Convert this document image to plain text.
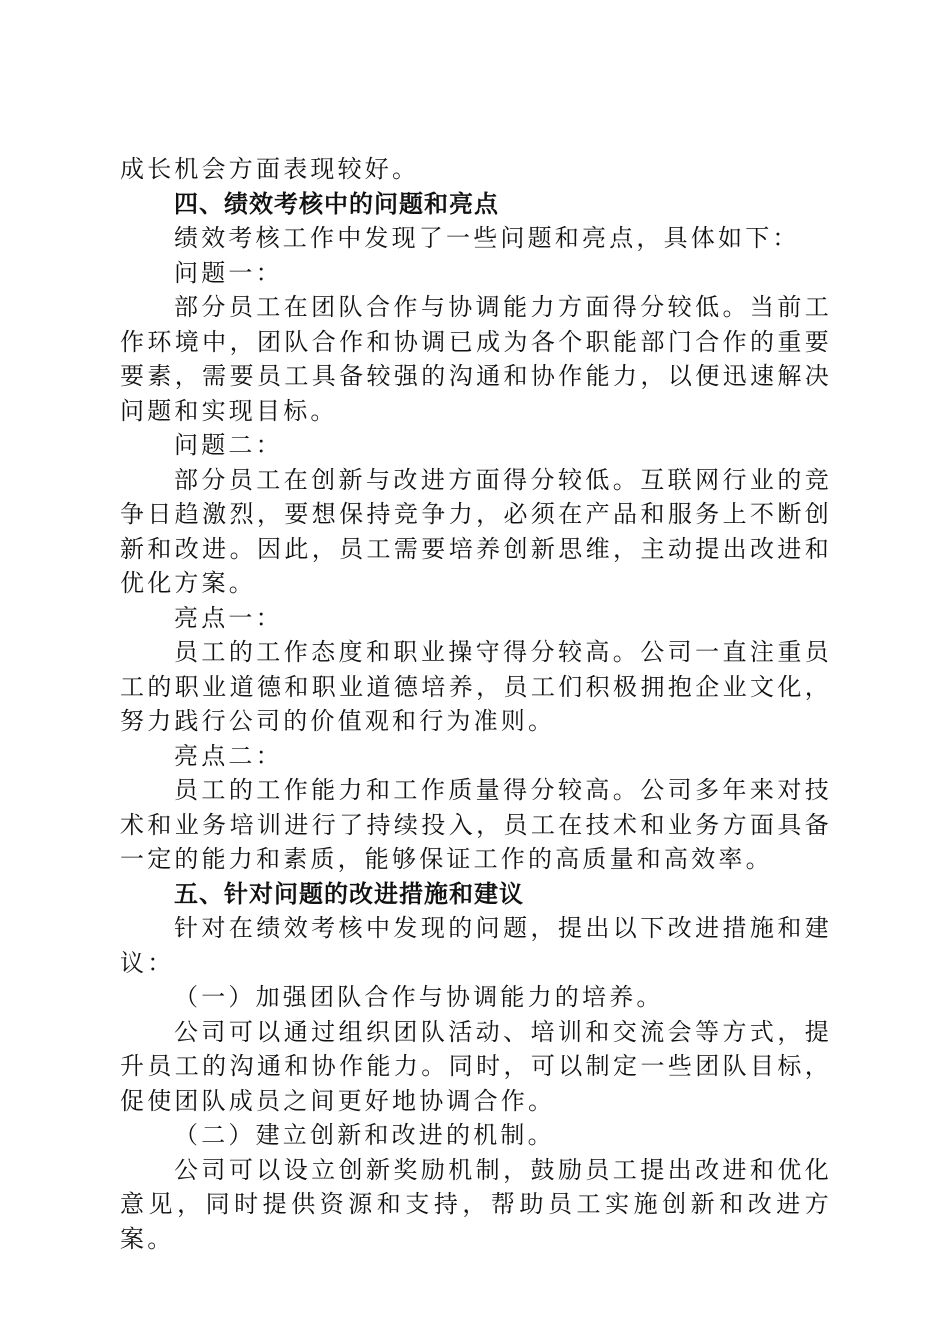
成长机会方面表现较好。

四、绩效考核中的问题和亮点

绩效考核工作中发现了一些问题和亮点，具体如下：

问题一：

部分员工在团队合作与协调能力方面得分较低。当前工作环境中，团队合作和协调已成为各个职能部门合作的重要要素，需要员工具备较强的沟通和协作能力，以便迅速解决问题和实现目标。

问题二：

部分员工在创新与改进方面得分较低。互联网行业的竞争日趋激烈，要想保持竞争力，必须在产品和服务上不断创新和改进。因此，员工需要培养创新思维，主动提出改进和优化方案。

亮点一：

员工的工作态度和职业操守得分较高。公司一直注重员工的职业道德和职业道德培养，员工们积极拥抱企业文化，努力践行公司的价值观和行为准则。

亮点二：

员工的工作能力和工作质量得分较高。公司多年来对技术和业务培训进行了持续投入，员工在技术和业务方面具备一定的能力和素质，能够保证工作的高质量和高效率。

五、针对问题的改进措施和建议

针对在绩效考核中发现的问题，提出以下改进措施和建议：

（一）加强团队合作与协调能力的培养。

公司可以通过组织团队活动、培训和交流会等方式，提升员工的沟通和协作能力。同时，可以制定一些团队目标，促使团队成员之间更好地协调合作。

（二）建立创新和改进的机制。

公司可以设立创新奖励机制，鼓励员工提出改进和优化意见，同时提供资源和支持，帮助员工实施创新和改进方案。
